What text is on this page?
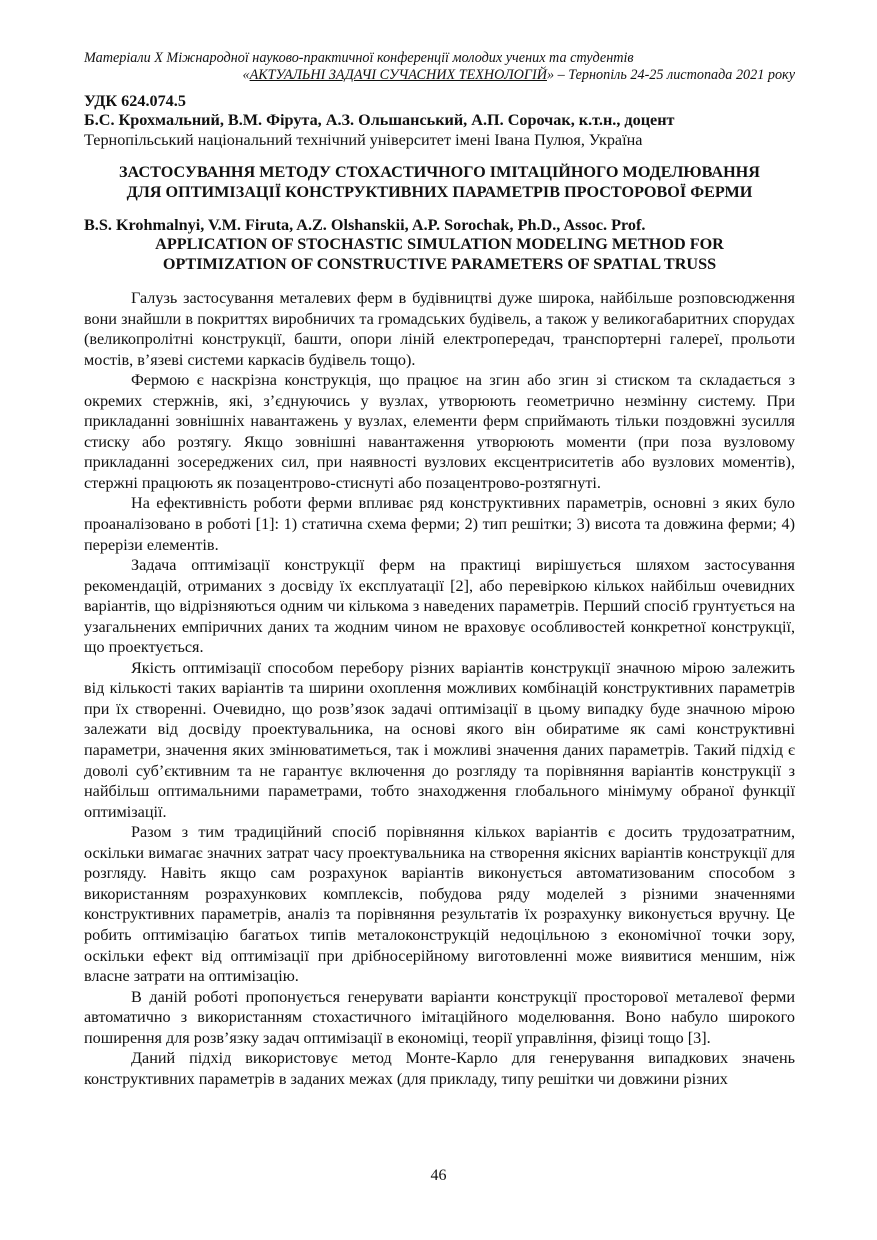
Матеріали X Міжнародної науково-практичної конференції молодих учених та студентів
«АКТУАЛЬНІ ЗАДАЧІ СУЧАСНИХ ТЕХНОЛОГІЙ» – Тернопіль 24-25 листопада 2021 року
УДК 624.074.5
Б.С. Крохмальний, В.М. Фірута, А.З. Ольшанський, А.П. Сорочак, к.т.н., доцент
Тернопільський національний технічний університет імені Івана Пулюя, Україна
ЗАСТОСУВАННЯ МЕТОДУ СТОХАСТИЧНОГО ІМІТАЦІЙНОГО МОДЕЛЮВАННЯ
ДЛЯ ОПТИМІЗАЦІЇ КОНСТРУКТИВНИХ ПАРАМЕТРІВ ПРОСТОРОВОЇ ФЕРМИ
B.S. Krohmalnyi, V.M. Firuta, A.Z. Olshanskii, A.P. Sorochak, Ph.D., Assoc. Prof.
APPLICATION OF STOCHASTIC SIMULATION MODELING METHOD FOR
OPTIMIZATION OF CONSTRUCTIVE PARAMETERS OF SPATIAL TRUSS

Галузь застосування металевих ферм в будівництві дуже широка, найбільше розповсюдження вони знайшли в покриттях виробничих та громадських будівель, а також у великогабаритних спорудах (великопролітні конструкції, башти, опори ліній електропередач, транспортерні галереї, прольоти мостів, в’язеві системи каркасів будівель тощо).

Фермою є наскрізна конструкція, що працює на згин або згин зі стиском та складається з окремих стержнів, які, з’єднуючись у вузлах, утворюють геометрично незмінну систему. При прикладанні зовнішніх навантажень у вузлах, елементи ферм сприймають тільки поздовжні зусилля стиску або розтягу. Якщо зовнішні навантаження утворюють моменти (при поза вузловому прикладанні зосереджених сил, при наявності вузлових ексцентриситетів або вузлових моментів), стержні працюють як позацентрово-стиснуті або позацентрово-розтягнуті.

На ефективність роботи ферми впливає ряд конструктивних параметрів, основні з яких було проаналізовано в роботі [1]: 1) статична схема ферми; 2) тип решітки; 3) висота та довжина ферми; 4) перерізи елементів.

Задача оптимізації конструкції ферм на практиці вирішується шляхом застосування рекомендацій, отриманих з досвіду їх експлуатації [2], або перевіркою кількох найбільш очевидних варіантів, що відрізняються одним чи кількома з наведених параметрів. Перший спосіб грунтується на узагальнених емпіричних даних та жодним чином не враховує особливостей конкретної конструкції, що проектується.

Якість оптимізації способом перебору різних варіантів конструкції значною мірою залежить від кількості таких варіантів та ширини охоплення можливих комбінацій конструктивних параметрів при їх створенні. Очевидно, що розв’язок задачі оптимізації в цьому випадку буде значною мірою залежати від досвіду проектувальника, на основі якого він обиратиме як самі конструктивні параметри, значення яких змінюватиметься, так і можливі значення даних параметрів. Такий підхід є доволі суб’єктивним та не гарантує включення до розгляду та порівняння варіантів конструкції з найбільш оптимальними параметрами, тобто знаходження глобального мінімуму обраної функції оптимізації.

Разом з тим традиційний спосіб порівняння кількох варіантів є досить трудозатратним, оскільки вимагає значних затрат часу проектувальника на створення якісних варіантів конструкції для розгляду. Навіть якщо сам розрахунок варіантів виконується автоматизованим способом з використанням розрахункових комплексів, побудова ряду моделей з різними значеннями конструктивних параметрів, аналіз та порівняння результатів їх розрахунку виконується вручну. Це робить оптимізацію багатьох типів металоконструкцій недоцільною з економічної точки зору, оскільки ефект від оптимізації при дрібносерійному виготовленні може виявитися меншим, ніж власне затрати на оптимізацію.

В даній роботі пропонується генерувати варіанти конструкції просторової металевої ферми автоматично з використанням стохастичного імітаційного моделювання. Воно набуло широкого поширення для розв’язку задач оптимізації в економіці, теорії управління, фізиці тощо [3].

Даний підхід використовує метод Монте-Карло для генерування випадкових значень конструктивних параметрів в заданих межах (для прикладу, типу решітки чи довжини різних

46
